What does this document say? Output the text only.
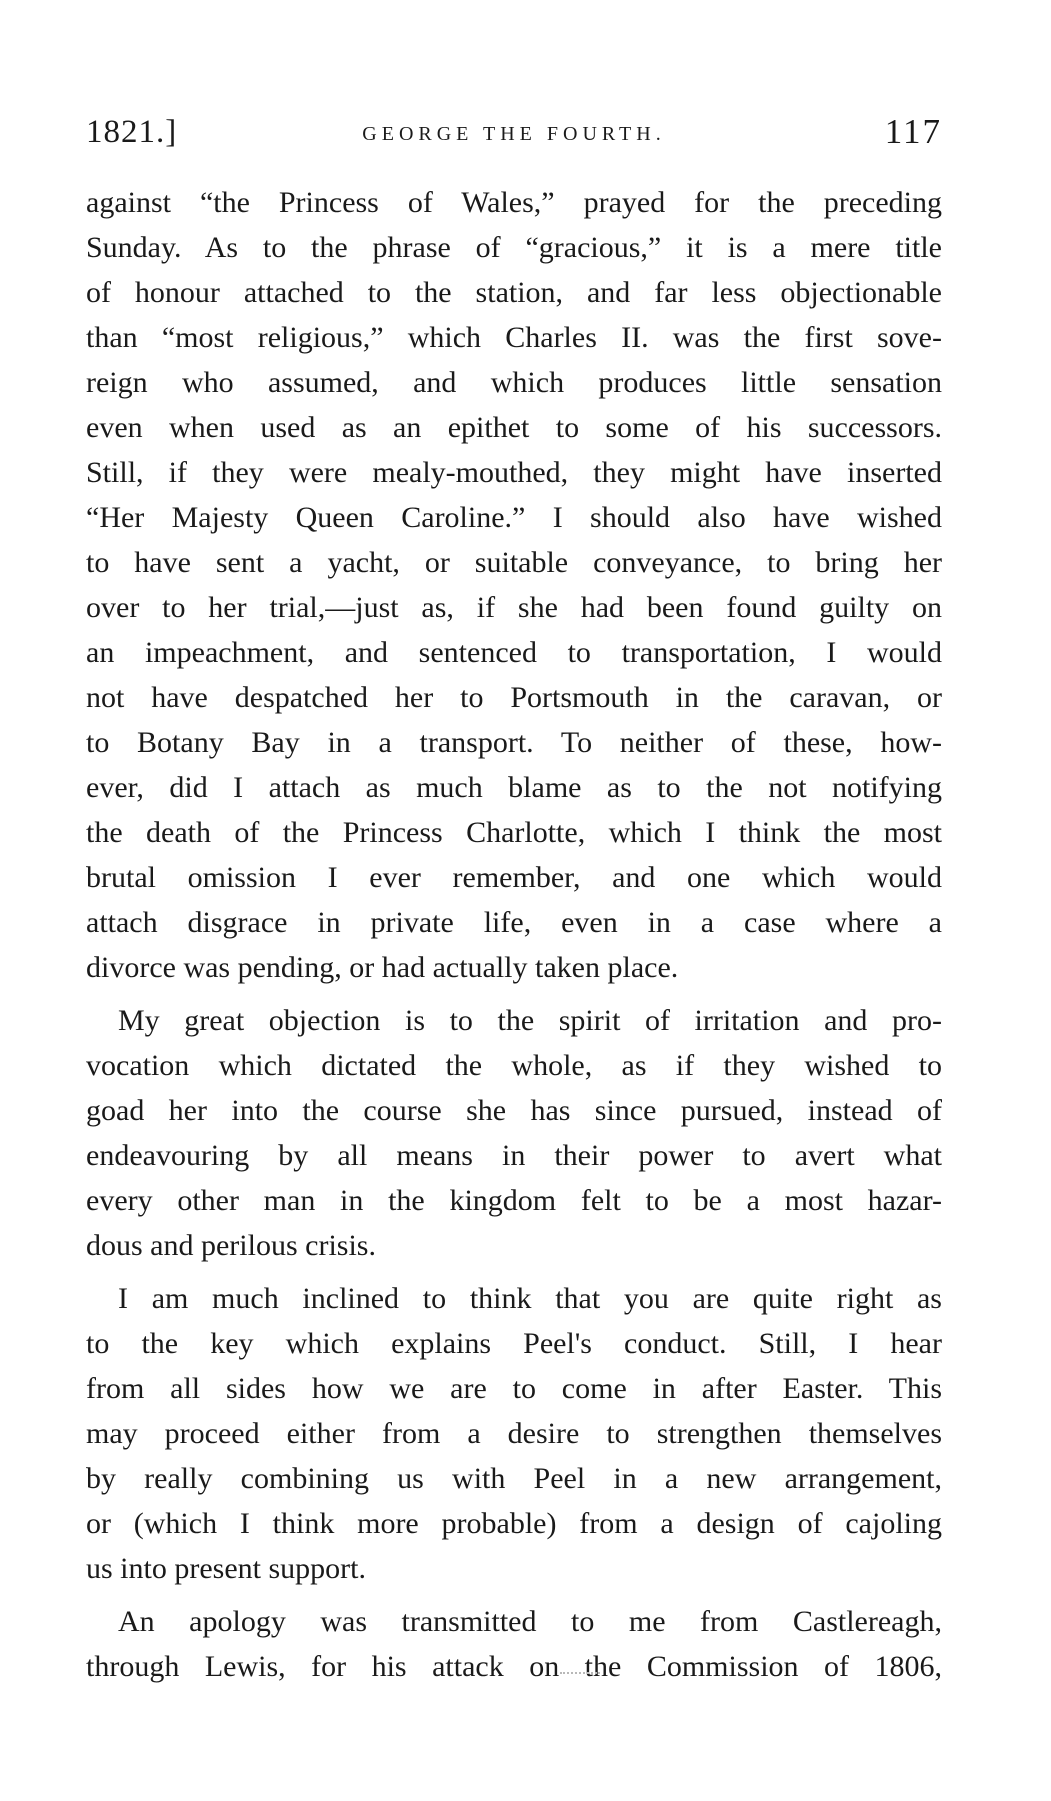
1821.]	GEORGE THE FOURTH.	117
against “the Princess of Wales,” prayed for the preceding
Sunday. As to the phrase of “gracious,” it is a mere title
of honour attached to the station, and far less objectionable
than “most religious,” which Charles II. was the first sove-
reign who assumed, and which produces little sensation
even when used as an epithet to some of his successors.
Still, if they were mealy-mouthed, they might have inserted
“Her Majesty Queen Caroline.” I should also have wished
to have sent a yacht, or suitable conveyance, to bring her
over to her trial,—just as, if she had been found guilty on
an impeachment, and sentenced to transportation, I would
not have despatched her to Portsmouth in the caravan, or
to Botany Bay in a transport. To neither of these, how-
ever, did I attach as much blame as to the not notifying
the death of the Princess Charlotte, which I think the most
brutal omission I ever remember, and one which would
attach disgrace in private life, even in a case where a
divorce was pending, or had actually taken place.
My great objection is to the spirit of irritation and pro-
vocation which dictated the whole, as if they wished to
goad her into the course she has since pursued, instead of
endeavouring by all means in their power to avert what
every other man in the kingdom felt to be a most hazar-
dous and perilous crisis.
I am much inclined to think that you are quite right as
to the key which explains Peel's conduct. Still, I hear
from all sides how we are to come in after Easter. This
may proceed either from a desire to strengthen themselves
by really combining us with Peel in a new arrangement,
or (which I think more probable) from a design of cajoling
us into present support.
An apology was transmitted to me from Castlereagh,
through Lewis, for his attack on the Commission of 1806,
